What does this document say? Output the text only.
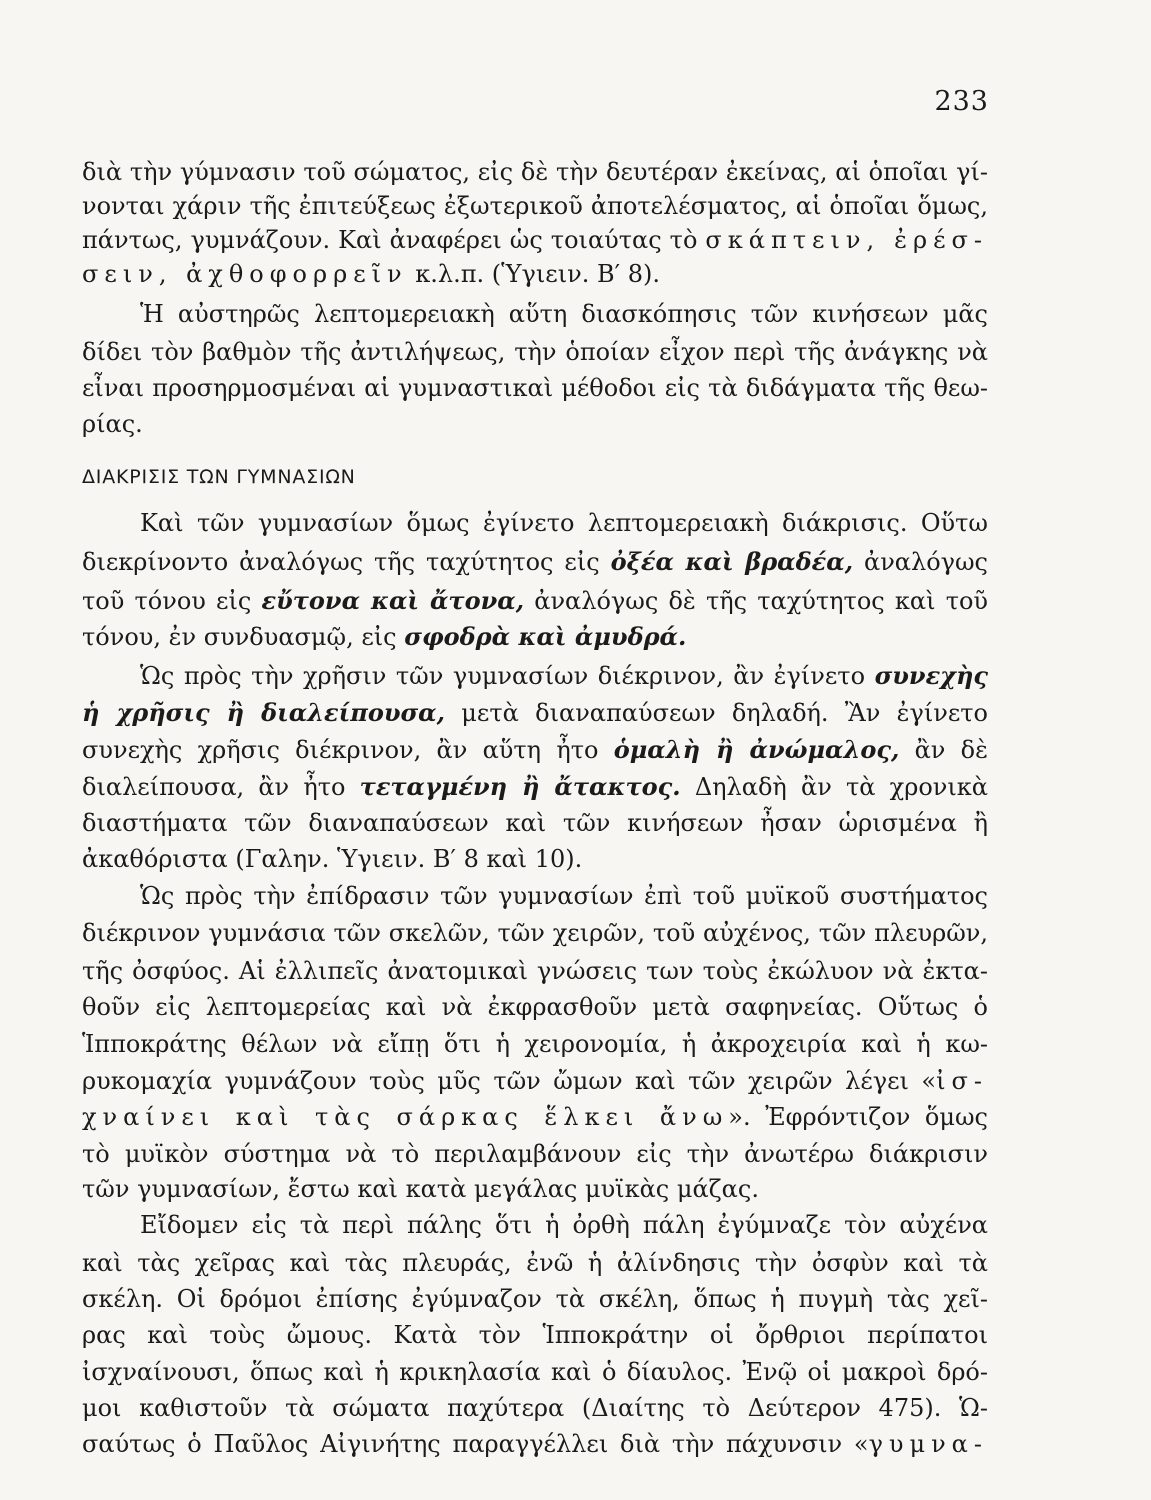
233
διὰ τὴν γύμνασιν τοῦ σώματος, εἰς δὲ τὴν δευτέραν ἐκείνας, αἱ ὁποῖαι γί-
νονται χάριν τῆς ἐπιτεύξεως ἐξωτερικοῦ ἀποτελέσματος, αἱ ὁποῖαι ὅμως,
πάντως, γυμνάζουν. Καὶ ἀναφέρει ὡς τοιαύτας τὸ σκάπτειν, ἐρέσ-
σειν, ἀχθοφορρεῖν κ.λ.π. (Ὑγιειν. Β′ 8).
Ἡ αὐστηρῶς λεπτομερειακὴ αὕτη διασκόπησις τῶν κινήσεων μᾶς
δίδει τὸν βαθμὸν τῆς ἀντιλήψεως, τὴν ὁποίαν εἶχον περὶ τῆς ἀνάγκης νὰ
εἶναι προσηρμοσμέναι αἱ γυμναστικαὶ μέθοδοι εἰς τὰ διδάγματα τῆς θεω-
ρίας.
ΔΙΑΚΡΙΣΙΣ ΤΩΝ ΓΥΜΝΑΣΙΩΝ
Καὶ τῶν γυμνασίων ὅμως ἐγίνετο λεπτομερειακὴ διάκρισις. Οὕτω
διεκρίνοντο ἀναλόγως τῆς ταχύτητος εἰς ὀξέα καὶ βραδέα, ἀναλόγως
τοῦ τόνου εἰς εὔτονα καὶ ἄτονα, ἀναλόγως δὲ τῆς ταχύτητος καὶ τοῦ
τόνου, ἐν συνδυασμῷ, εἰς σφοδρὰ καὶ ἀμυδρά.
Ὡς πρὸς τὴν χρῆσιν τῶν γυμνασίων διέκρινον, ἂν ἐγίνετο συνεχὴς
ἡ χρῆσις ἢ διαλείπουσα, μετὰ διαναπαύσεων δηλαδή. Ἂν ἐγίνετο
συνεχὴς χρῆσις διέκρινον, ἂν αὕτη ἦτο ὁμαλὴ ἢ ἀνώμαλος, ἂν δὲ
διαλείπουσα, ἂν ἦτο τεταγμένη ἢ ἄτακτος. Δηλαδὴ ἂν τὰ χρονικὰ
διαστήματα τῶν διαναπαύσεων καὶ τῶν κινήσεων ἦσαν ὡρισμένα ἢ
ἀκαθόριστα (Γαλην. Ὑγιειν. Β′ 8 καὶ 10).
Ὡς πρὸς τὴν ἐπίδρασιν τῶν γυμνασίων ἐπὶ τοῦ μυϊκοῦ συστήματος
διέκρινον γυμνάσια τῶν σκελῶν, τῶν χειρῶν, τοῦ αὐχένος, τῶν πλευρῶν,
τῆς ὀσφύος. Αἱ ἐλλιπεῖς ἀνατομικαὶ γνώσεις των τοὺς ἐκώλυον νὰ ἐκτα-
θοῦν εἰς λεπτομερείας καὶ νὰ ἐκφρασθοῦν μετὰ σαφηνείας. Οὕτως ὁ
Ἱπποκράτης θέλων νὰ εἴπῃ ὅτι ἡ χειρονομία, ἡ ἀκροχειρία καὶ ἡ κω-
ρυκομαχία γυμνάζουν τοὺς μῦς τῶν ὤμων καὶ τῶν χειρῶν λέγει «ἰσ-
χναίνει καὶ τὰς σάρκας ἕλκει ἄνω». Ἐφρόντιζον ὅμως
τὸ μυϊκὸν σύστημα νὰ τὸ περιλαμβάνουν εἰς τὴν ἀνωτέρω διάκρισιν
τῶν γυμνασίων, ἔστω καὶ κατὰ μεγάλας μυϊκὰς μάζας.
Εἴδομεν εἰς τὰ περὶ πάλης ὅτι ἡ ὀρθὴ πάλη ἐγύμναζε τὸν αὐχένα
καὶ τὰς χεῖρας καὶ τὰς πλευράς, ἐνῶ ἡ ἀλίνδησις τὴν ὀσφὺν καὶ τὰ
σκέλη. Οἱ δρόμοι ἐπίσης ἐγύμναζον τὰ σκέλη, ὅπως ἡ πυγμὴ τὰς χεῖ-
ρας καὶ τοὺς ὤμους. Κατὰ τὸν Ἱπποκράτην οἱ ὄρθριοι περίπατοι
ἰσχναίνουσι, ὅπως καὶ ἡ κρικηλασία καὶ ὁ δίαυλος. Ἐνῷ οἱ μακροὶ δρό-
μοι καθιστοῦν τὰ σώματα παχύτερα (Διαίτης τὸ Δεύτερον 475). Ὡ-
σαύτως ὁ Παῦλος Αἰγινήτης παραγγέλλει διὰ τὴν πάχυνσιν «γυμνα-
